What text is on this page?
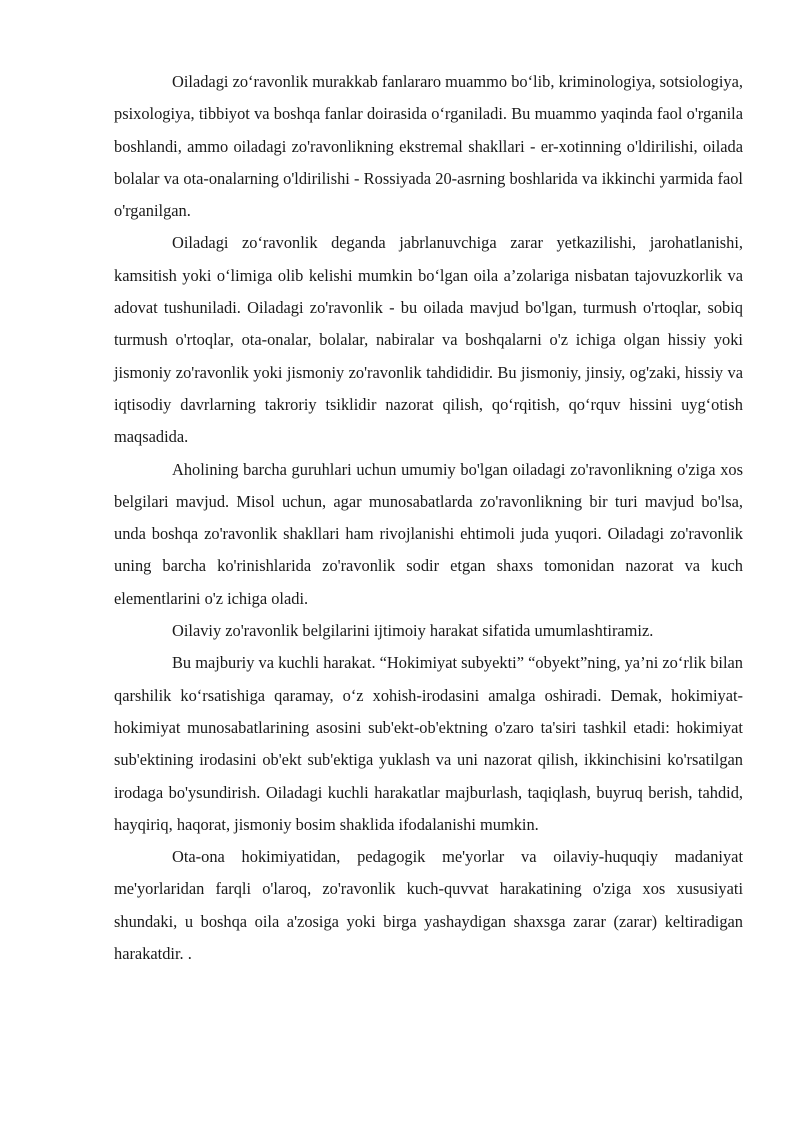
Oiladagi zo‘ravonlik murakkab fanlararo muammo bo‘lib, kriminologiya, sotsiologiya, psixologiya, tibbiyot va boshqa fanlar doirasida o‘rganiladi. Bu muammo yaqinda faol o'rganila boshlandi, ammo oiladagi zo'ravonlikning ekstremal shakllari - er-xotinning o'ldirilishi, oilada bolalar va ota-onalarning o'ldirilishi - Rossiyada 20-asrning boshlarida va ikkinchi yarmida faol o'rganilgan.

Oiladagi zo‘ravonlik deganda jabrlanuvchiga zarar yetkazilishi, jarohatlanishi, kamsitish yoki o‘limiga olib kelishi mumkin bo‘lgan oila a’zolariga nisbatan tajovuzkorlik va adovat tushuniladi. Oiladagi zo'ravonlik - bu oilada mavjud bo'lgan, turmush o'rtoqlar, sobiq turmush o'rtoqlar, ota-onalar, bolalar, nabiralar va boshqalarni o'z ichiga olgan hissiy yoki jismoniy zo'ravonlik yoki jismoniy zo'ravonlik tahdididir. Bu jismoniy, jinsiy, og'zaki, hissiy va iqtisodiy davrlarning takroriy tsiklidir nazorat qilish, qo‘rqitish, qo‘rquv hissini uyg‘otish maqsadida.

Aholining barcha guruhlari uchun umumiy bo'lgan oiladagi zo'ravonlikning o'ziga xos belgilari mavjud. Misol uchun, agar munosabatlarda zo'ravonlikning bir turi mavjud bo'lsa, unda boshqa zo'ravonlik shakllari ham rivojlanishi ehtimoli juda yuqori. Oiladagi zo'ravonlik uning barcha ko'rinishlarida zo'ravonlik sodir etgan shaxs tomonidan nazorat va kuch elementlarini o'z ichiga oladi.

Oilaviy zo'ravonlik belgilarini ijtimoiy harakat sifatida umumlashtiramiz.

Bu majburiy va kuchli harakat. “Hokimiyat subyekti” “obyekt”ning, ya’ni zo‘rlik bilan qarshilik ko‘rsatishiga qaramay, o‘z xohish-irodasini amalga oshiradi. Demak, hokimiyat-hokimiyat munosabatlarining asosini sub'ekt-ob'ektning o'zaro ta'siri tashkil etadi: hokimiyat sub'ektining irodasini ob'ekt sub'ektiga yuklash va uni nazorat qilish, ikkinchisini ko'rsatilgan irodaga bo'ysundirish. Oiladagi kuchli harakatlar majburlash, taqiqlash, buyruq berish, tahdid, hayqiriq, haqorat, jismoniy bosim shaklida ifodalanishi mumkin.

Ota-ona hokimiyatidan, pedagogik me'yorlar va oilaviy-huquqiy madaniyat me'yorlaridan farqli o'laroq, zo'ravonlik kuch-quvvat harakatining o'ziga xos xususiyati shundaki, u boshqa oila a'zosiga yoki birga yashaydigan shaxsga zarar (zarar) keltiradigan harakatdir. .
